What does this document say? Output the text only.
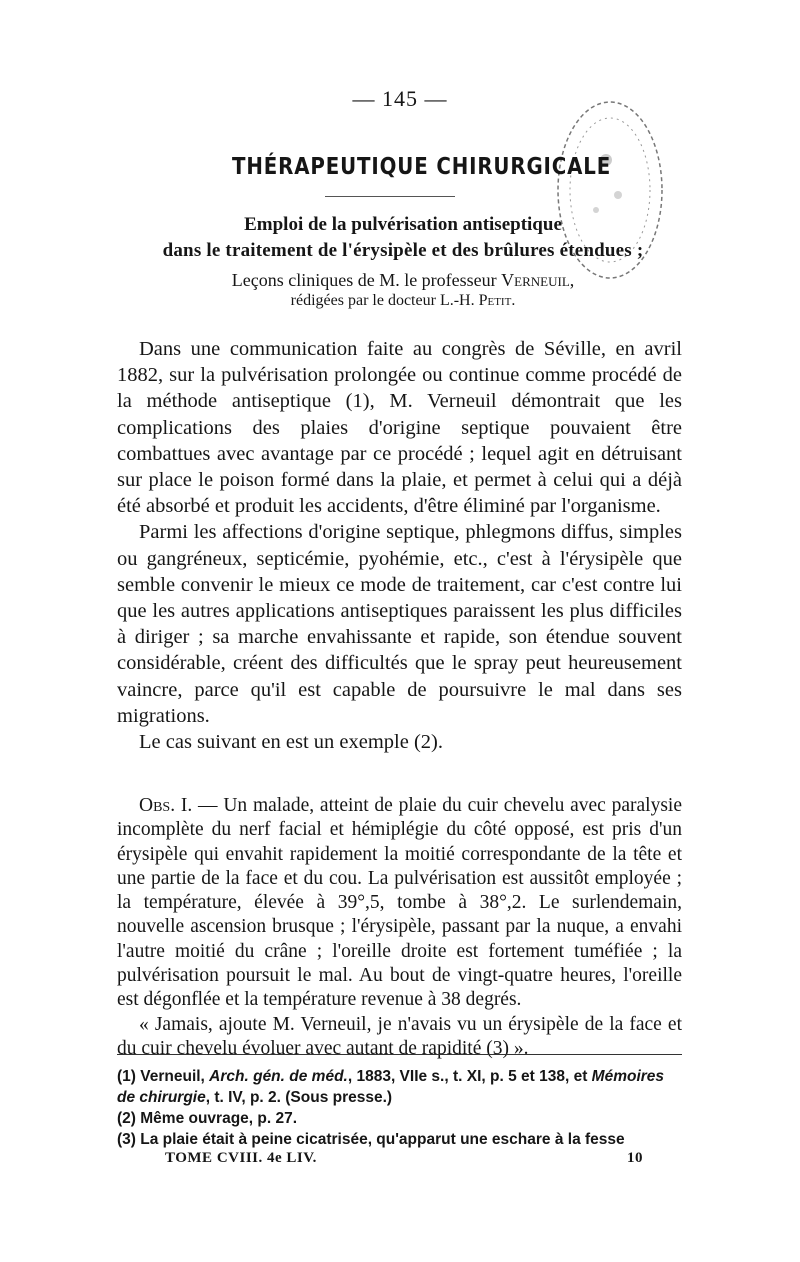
— 145 —
THÉRAPEUTIQUE CHIRURGICALE
Emploi de la pulvérisation antiseptique
dans le traitement de l'érysipèle et des brûlures étendues ;
Leçons cliniques de M. le professeur Verneuil,
rédigées par le docteur L.-H. Petit.

Dans une communication faite au congrès de Séville, en avril 1882, sur la pulvérisation prolongée ou continue comme procédé de la méthode antiseptique (1), M. Verneuil démontrait que les complications des plaies d'origine septique pouvaient être combattues avec avantage par ce procédé ; lequel agit en détruisant sur place le poison formé dans la plaie, et permet à celui qui a déjà été absorbé et produit les accidents, d'être éliminé par l'organisme.

Parmi les affections d'origine septique, phlegmons diffus, simples ou gangréneux, septicémie, pyohémie, etc., c'est à l'érysipèle que semble convenir le mieux ce mode de traitement, car c'est contre lui que les autres applications antiseptiques paraissent les plus difficiles à diriger ; sa marche envahissante et rapide, son étendue souvent considérable, créent des difficultés que le spray peut heureusement vaincre, parce qu'il est capable de poursuivre le mal dans ses migrations.

Le cas suivant en est un exemple (2).

Obs. I. — Un malade, atteint de plaie du cuir chevelu avec paralysie incomplète du nerf facial et hémiplégie du côté opposé, est pris d'un érysipèle qui envahit rapidement la moitié correspondante de la tête et une partie de la face et du cou. La pulvérisation est aussitôt employée ; la température, élevée à 39°,5, tombe à 38°,2. Le surlendemain, nouvelle ascension brusque ; l'érysipèle, passant par la nuque, a envahi l'autre moitié du crâne ; l'oreille droite est fortement tuméfiée ; la pulvérisation poursuit le mal. Au bout de vingt-quatre heures, l'oreille est dégonflée et la température revenue à 38 degrés.

« Jamais, ajoute M. Verneuil, je n'avais vu un érysipèle de la face et du cuir chevelu évoluer avec autant de rapidité (3) ».

(1) Verneuil, Arch. gén. de méd., 1883, VIIe s., t. XI, p. 5 et 138, et Mémoires de chirurgie, t. IV, p. 2. (Sous presse.)

(2) Même ouvrage, p. 27.

(3) La plaie était à peine cicatrisée, qu'apparut une eschare à la fesse

TOME CVIII. 4e LIV.	10
